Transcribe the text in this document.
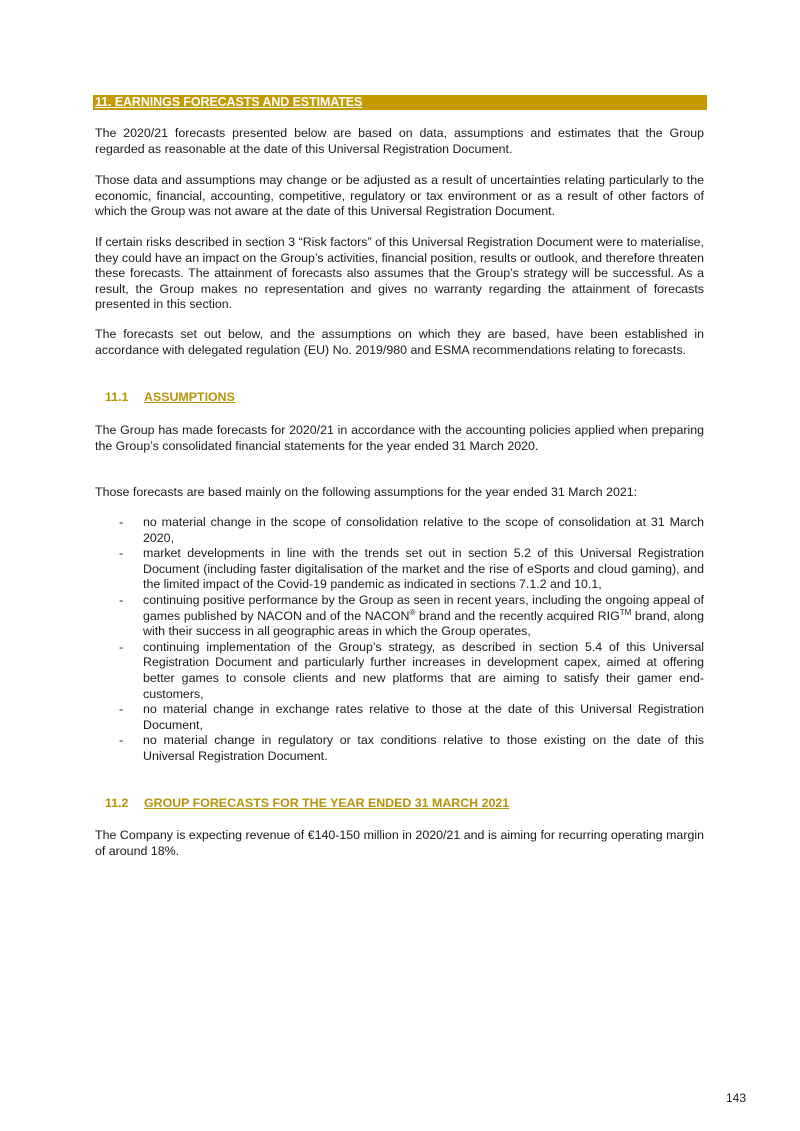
11. EARNINGS FORECASTS AND ESTIMATES

The 2020/21 forecasts presented below are based on data, assumptions and estimates that the Group regarded as reasonable at the date of this Universal Registration Document.

Those data and assumptions may change or be adjusted as a result of uncertainties relating particularly to the economic, financial, accounting, competitive, regulatory or tax environment or as a result of other factors of which the Group was not aware at the date of this Universal Registration Document.

If certain risks described in section 3 “Risk factors” of this Universal Registration Document were to materialise, they could have an impact on the Group’s activities, financial position, results or outlook, and therefore threaten these forecasts. The attainment of forecasts also assumes that the Group’s strategy will be successful. As a result, the Group makes no representation and gives no warranty regarding the attainment of forecasts presented in this section.

The forecasts set out below, and the assumptions on which they are based, have been established in accordance with delegated regulation (EU) No. 2019/980 and ESMA recommendations relating to forecasts.

11.1 ASSUMPTIONS

The Group has made forecasts for 2020/21 in accordance with the accounting policies applied when preparing the Group’s consolidated financial statements for the year ended 31 March 2020.

Those forecasts are based mainly on the following assumptions for the year ended 31 March 2021:

- no material change in the scope of consolidation relative to the scope of consolidation at 31 March 2020,
- market developments in line with the trends set out in section 5.2 of this Universal Registration Document (including faster digitalisation of the market and the rise of eSports and cloud gaming), and the limited impact of the Covid-19 pandemic as indicated in sections 7.1.2 and 10.1,
- continuing positive performance by the Group as seen in recent years, including the ongoing appeal of games published by NACON and of the NACON® brand and the recently acquired RIG™ brand, along with their success in all geographic areas in which the Group operates,
- continuing implementation of the Group’s strategy, as described in section 5.4 of this Universal Registration Document and particularly further increases in development capex, aimed at offering better games to console clients and new platforms that are aiming to satisfy their gamer end-customers,
- no material change in exchange rates relative to those at the date of this Universal Registration Document,
- no material change in regulatory or tax conditions relative to those existing on the date of this Universal Registration Document.

11.2 GROUP FORECASTS FOR THE YEAR ENDED 31 MARCH 2021

The Company is expecting revenue of €140-150 million in 2020/21 and is aiming for recurring operating margin of around 18%.

143
